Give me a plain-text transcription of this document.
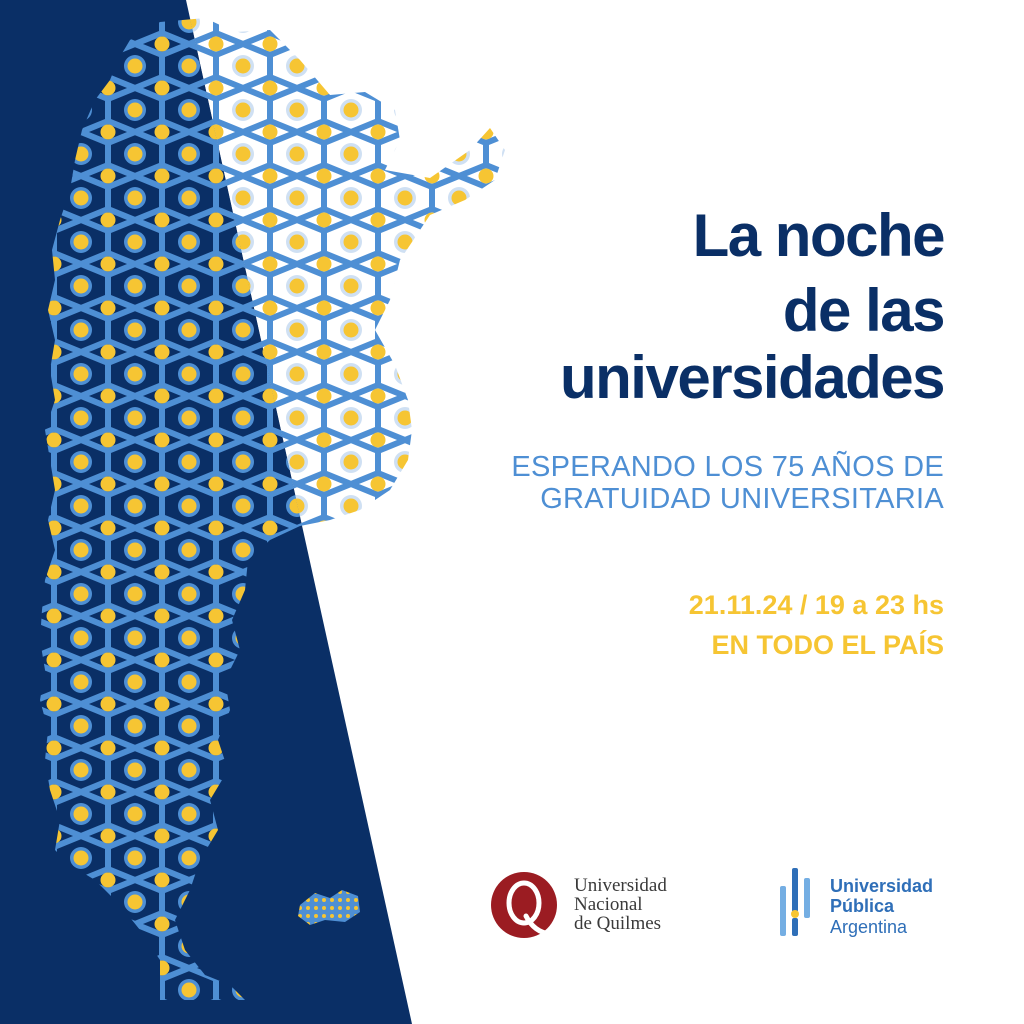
La noche
de las
universidades

ESPERANDO LOS 75 AÑOS DE

GRATUIDAD UNIVERSITARIA

21.11.24 / 19 a 23 hs

EN TODO EL PAÍS

Universidad

Nacional

de Quilmes

Universidad

Pública

Argentina
